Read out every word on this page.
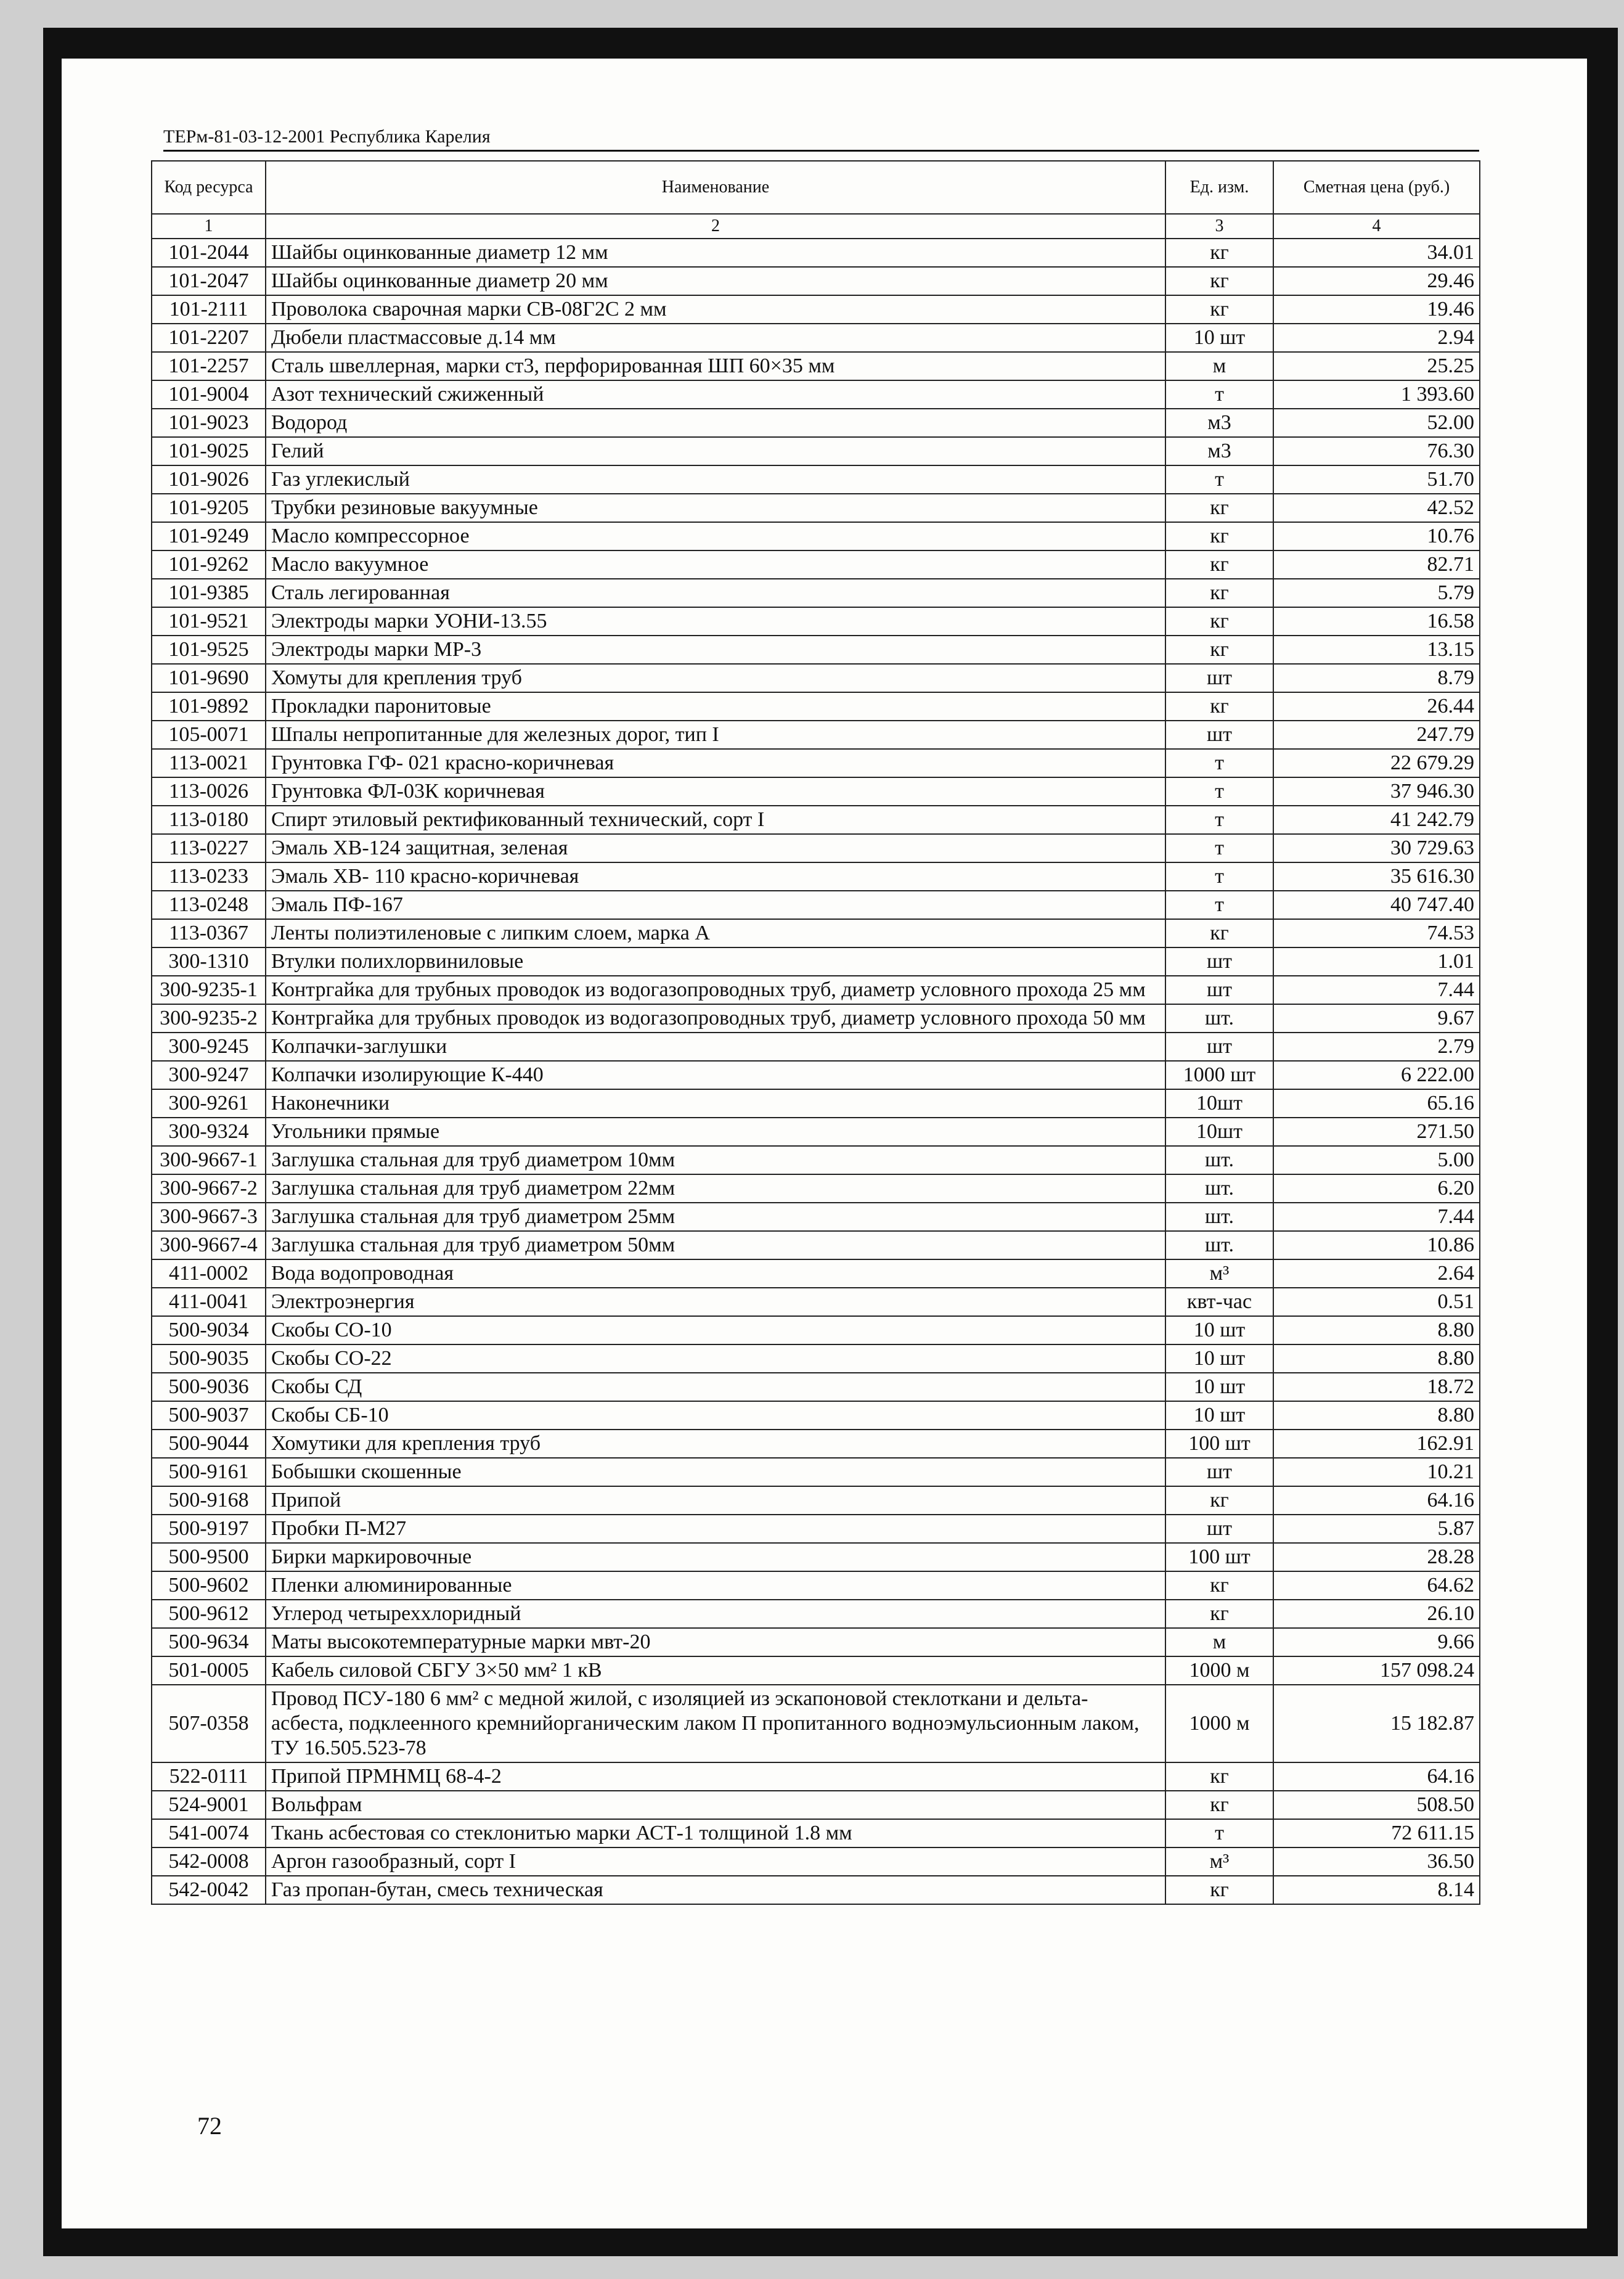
ТЕРм-81-03-12-2001 Республика Карелия
Код ресурса	Наименование	Ед. изм.	Сметная цена (руб.)
1	2	3	4
101-2044	Шайбы оцинкованные диаметр 12 мм	кг	34.01
101-2047	Шайбы оцинкованные диаметр 20 мм	кг	29.46
101-2111	Проволока сварочная марки СВ-08Г2С 2 мм	кг	19.46
101-2207	Дюбели пластмассовые д.14 мм	10 шт	2.94
101-2257	Сталь швеллерная, марки ст3, перфорированная ШП 60×35 мм	м	25.25
101-9004	Азот технический сжиженный	т	1 393.60
101-9023	Водород	м3	52.00
101-9025	Гелий	м3	76.30
101-9026	Газ углекислый	т	51.70
101-9205	Трубки резиновые вакуумные	кг	42.52
101-9249	Масло компрессорное	кг	10.76
101-9262	Масло вакуумное	кг	82.71
101-9385	Сталь легированная	кг	5.79
101-9521	Электроды марки УОНИ-13.55	кг	16.58
101-9525	Электроды марки МР-3	кг	13.15
101-9690	Хомуты для крепления труб	шт	8.79
101-9892	Прокладки паронитовые	кг	26.44
105-0071	Шпалы непропитанные для железных дорог, тип I	шт	247.79
113-0021	Грунтовка ГФ- 021 красно-коричневая	т	22 679.29
113-0026	Грунтовка ФЛ-03К коричневая	т	37 946.30
113-0180	Спирт этиловый ректификованный технический, сорт I	т	41 242.79
113-0227	Эмаль ХВ-124 защитная, зеленая	т	30 729.63
113-0233	Эмаль ХВ- 110 красно-коричневая	т	35 616.30
113-0248	Эмаль ПФ-167	т	40 747.40
113-0367	Ленты полиэтиленовые с липким слоем, марка А	кг	74.53
300-1310	Втулки полихлорвиниловые	шт	1.01
300-9235-1	Контргайка для трубных проводок из водогазопроводных труб, диаметр условного прохода 25 мм	шт	7.44
300-9235-2	Контргайка для трубных проводок из водогазопроводных труб, диаметр условного прохода 50 мм	шт.	9.67
300-9245	Колпачки-заглушки	шт	2.79
300-9247	Колпачки изолирующие К-440	1000 шт	6 222.00
300-9261	Наконечники	10шт	65.16
300-9324	Угольники прямые	10шт	271.50
300-9667-1	Заглушка стальная для труб диаметром 10мм	шт.	5.00
300-9667-2	Заглушка стальная для труб диаметром 22мм	шт.	6.20
300-9667-3	Заглушка стальная для труб диаметром 25мм	шт.	7.44
300-9667-4	Заглушка стальная для труб диаметром 50мм	шт.	10.86
411-0002	Вода водопроводная	м³	2.64
411-0041	Электроэнергия	квт-час	0.51
500-9034	Скобы СО-10	10 шт	8.80
500-9035	Скобы СО-22	10 шт	8.80
500-9036	Скобы СД	10 шт	18.72
500-9037	Скобы СБ-10	10 шт	8.80
500-9044	Хомутики для крепления труб	100 шт	162.91
500-9161	Бобышки скошенные	шт	10.21
500-9168	Припой	кг	64.16
500-9197	Пробки П-М27	шт	5.87
500-9500	Бирки маркировочные	100 шт	28.28
500-9602	Пленки алюминированные	кг	64.62
500-9612	Углерод четыреххлоридный	кг	26.10
500-9634	Маты высокотемпературные марки мвт-20	м	9.66
501-0005	Кабель силовой СБГУ 3×50 мм² 1 кВ	1000 м	157 098.24
507-0358	Провод ПСУ-180 6 мм² с медной жилой, с изоляцией из эскапоновой стеклоткани и дельта-асбеста, подклеенного кремнийорганическим лаком П пропитанного водноэмульсионным лаком, ТУ 16.505.523-78	1000 м	15 182.87
522-0111	Припой ПРМНМЦ 68-4-2	кг	64.16
524-9001	Вольфрам	кг	508.50
541-0074	Ткань асбестовая со стеклонитью марки АСТ-1 толщиной 1.8 мм	т	72 611.15
542-0008	Аргон газообразный, сорт I	м³	36.50
542-0042	Газ пропан-бутан, смесь техническая	кг	8.14
72
